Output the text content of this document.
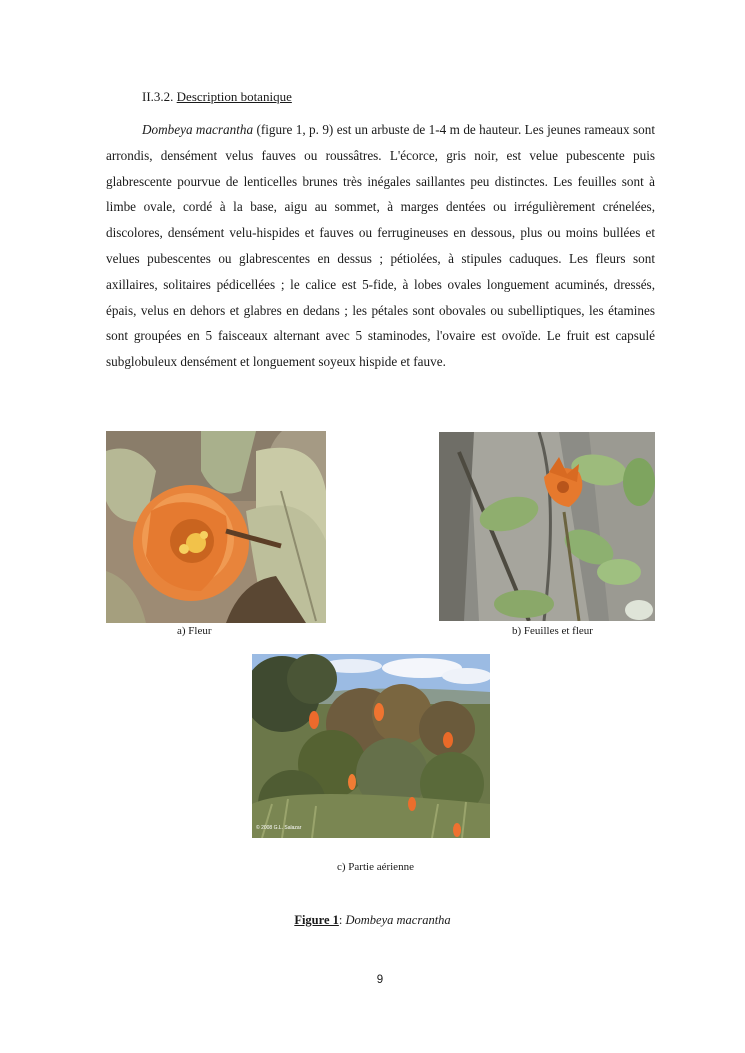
II.3.2. Description botanique

Dombeya macrantha (figure 1, p. 9) est un arbuste de 1-4 m de hauteur. Les jeunes rameaux sont arrondis, densément velus fauves ou roussâtres. L'écorce, gris noir, est velue pubescente puis glabrescente pourvue de lenticelles brunes très inégales saillantes peu distinctes. Les feuilles sont à limbe ovale, cordé à la base, aigu au sommet, à marges dentées ou irrégulièrement crénelées, discolores, densément velu-hispides et fauves ou ferrugineuses en dessous, plus ou moins bullées et velues pubescentes ou glabrescentes en dessus ; pétiolées, à stipules caduques. Les fleurs sont axillaires, solitaires pédicellées ; le calice est 5-fide, à lobes ovales longuement acuminés, dressés, épais, velus en dehors et glabres en dedans ; les pétales sont obovales ou subelliptiques, les étamines sont groupées en 5 faisceaux alternant avec 5 staminodes, l'ovaire est ovoïde. Le fruit est capsulé subglobuleux densément et longuement soyeux hispide et fauve.

© 2008 G.L. Salazar
a) Fleur	b) Feuilles et fleur
c) Partie aérienne
Figure 1: Dombeya macrantha
9
